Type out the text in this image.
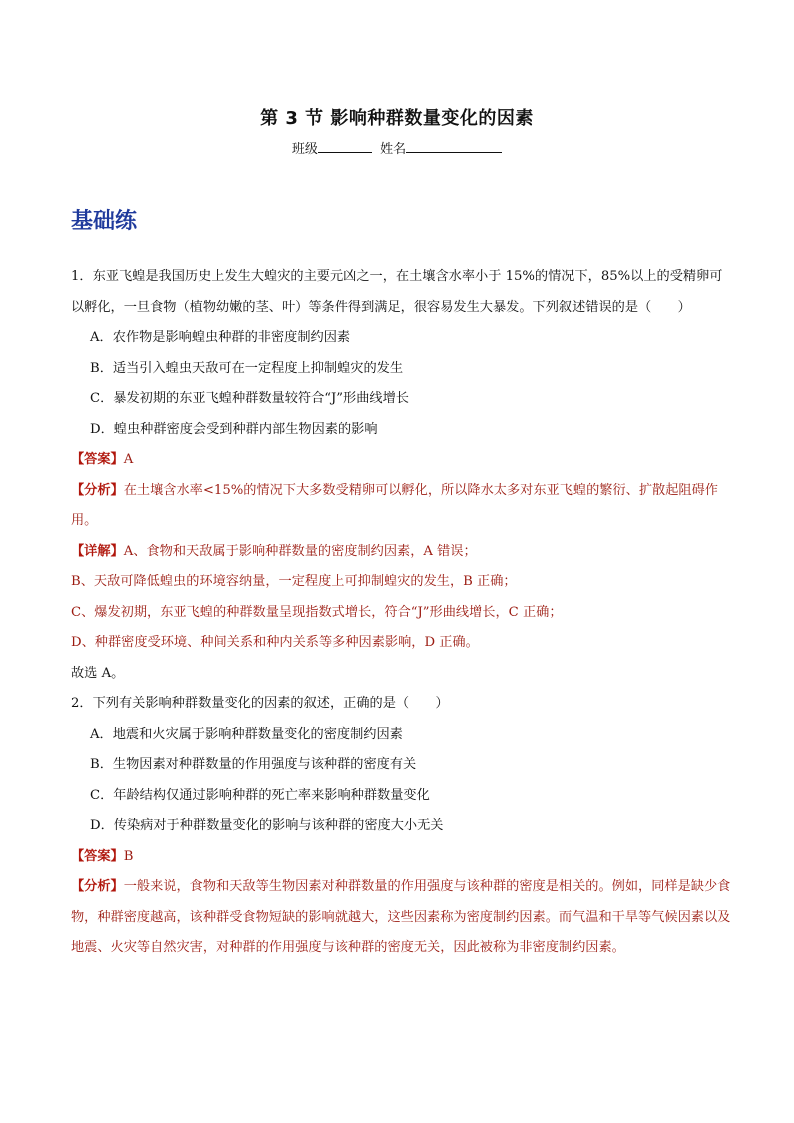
第 3 节 影响种群数量变化的因素
班级	姓名
基础练

1．东亚飞蝗是我国历史上发生大蝗灾的主要元凶之一，在土壤含水率小于 15%的情况下，85%以上的受精卵可以孵化，一旦食物（植物幼嫩的茎、叶）等条件得到满足，很容易发生大暴发。下列叙述错误的是（　　）

A．农作物是影响蝗虫种群的非密度制约因素

B．适当引入蝗虫天敌可在一定程度上抑制蝗灾的发生

C．暴发初期的东亚飞蝗种群数量较符合“J”形曲线增长

D．蝗虫种群密度会受到种群内部生物因素的影响

【答案】A

【分析】在土壤含水率<15%的情况下大多数受精卵可以孵化，所以降水太多对东亚飞蝗的繁衍、扩散起阻碍作用。

【详解】A、食物和天敌属于影响种群数量的密度制约因素，A 错误；

B、天敌可降低蝗虫的环境容纳量，一定程度上可抑制蝗灾的发生，B 正确；

C、爆发初期，东亚飞蝗的种群数量呈现指数式增长，符合“J”形曲线增长，C 正确；

D、种群密度受环境、种间关系和种内关系等多种因素影响，D 正确。

故选 A。

2．下列有关影响种群数量变化的因素的叙述，正确的是（　　）

A．地震和火灾属于影响种群数量变化的密度制约因素

B．生物因素对种群数量的作用强度与该种群的密度有关

C．年龄结构仅通过影响种群的死亡率来影响种群数量变化

D．传染病对于种群数量变化的影响与该种群的密度大小无关

【答案】B

【分析】一般来说，食物和天敌等生物因素对种群数量的作用强度与该种群的密度是相关的。例如，同样是缺少食物，种群密度越高，该种群受食物短缺的影响就越大，这些因素称为密度制约因素。而气温和干旱等气候因素以及地震、火灾等自然灾害，对种群的作用强度与该种群的密度无关，因此被称为非密度制约因素。
